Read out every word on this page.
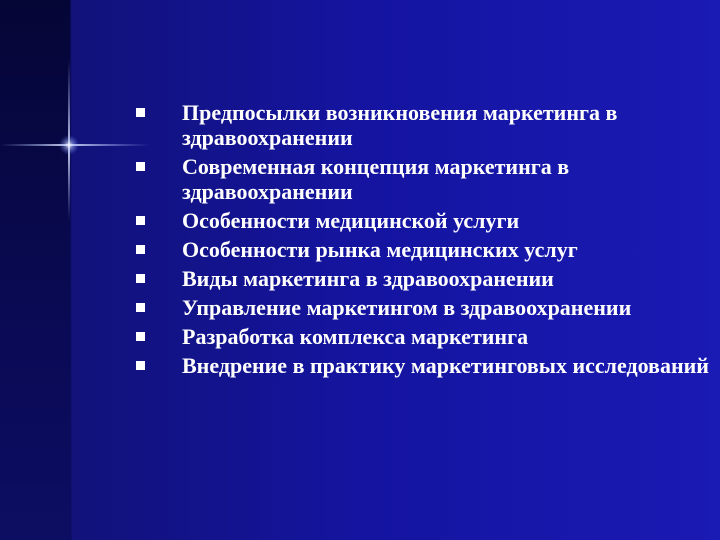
Предпосылки возникновения маркетинга в здравоохранении
Современная концепция маркетинга в здравоохранении
Особенности медицинской услуги
Особенности рынка медицинских услуг
Виды маркетинга в здравоохранении
Управление маркетингом в здравоохранении
Разработка комплекса маркетинга
Внедрение в практику маркетинговых исследований
